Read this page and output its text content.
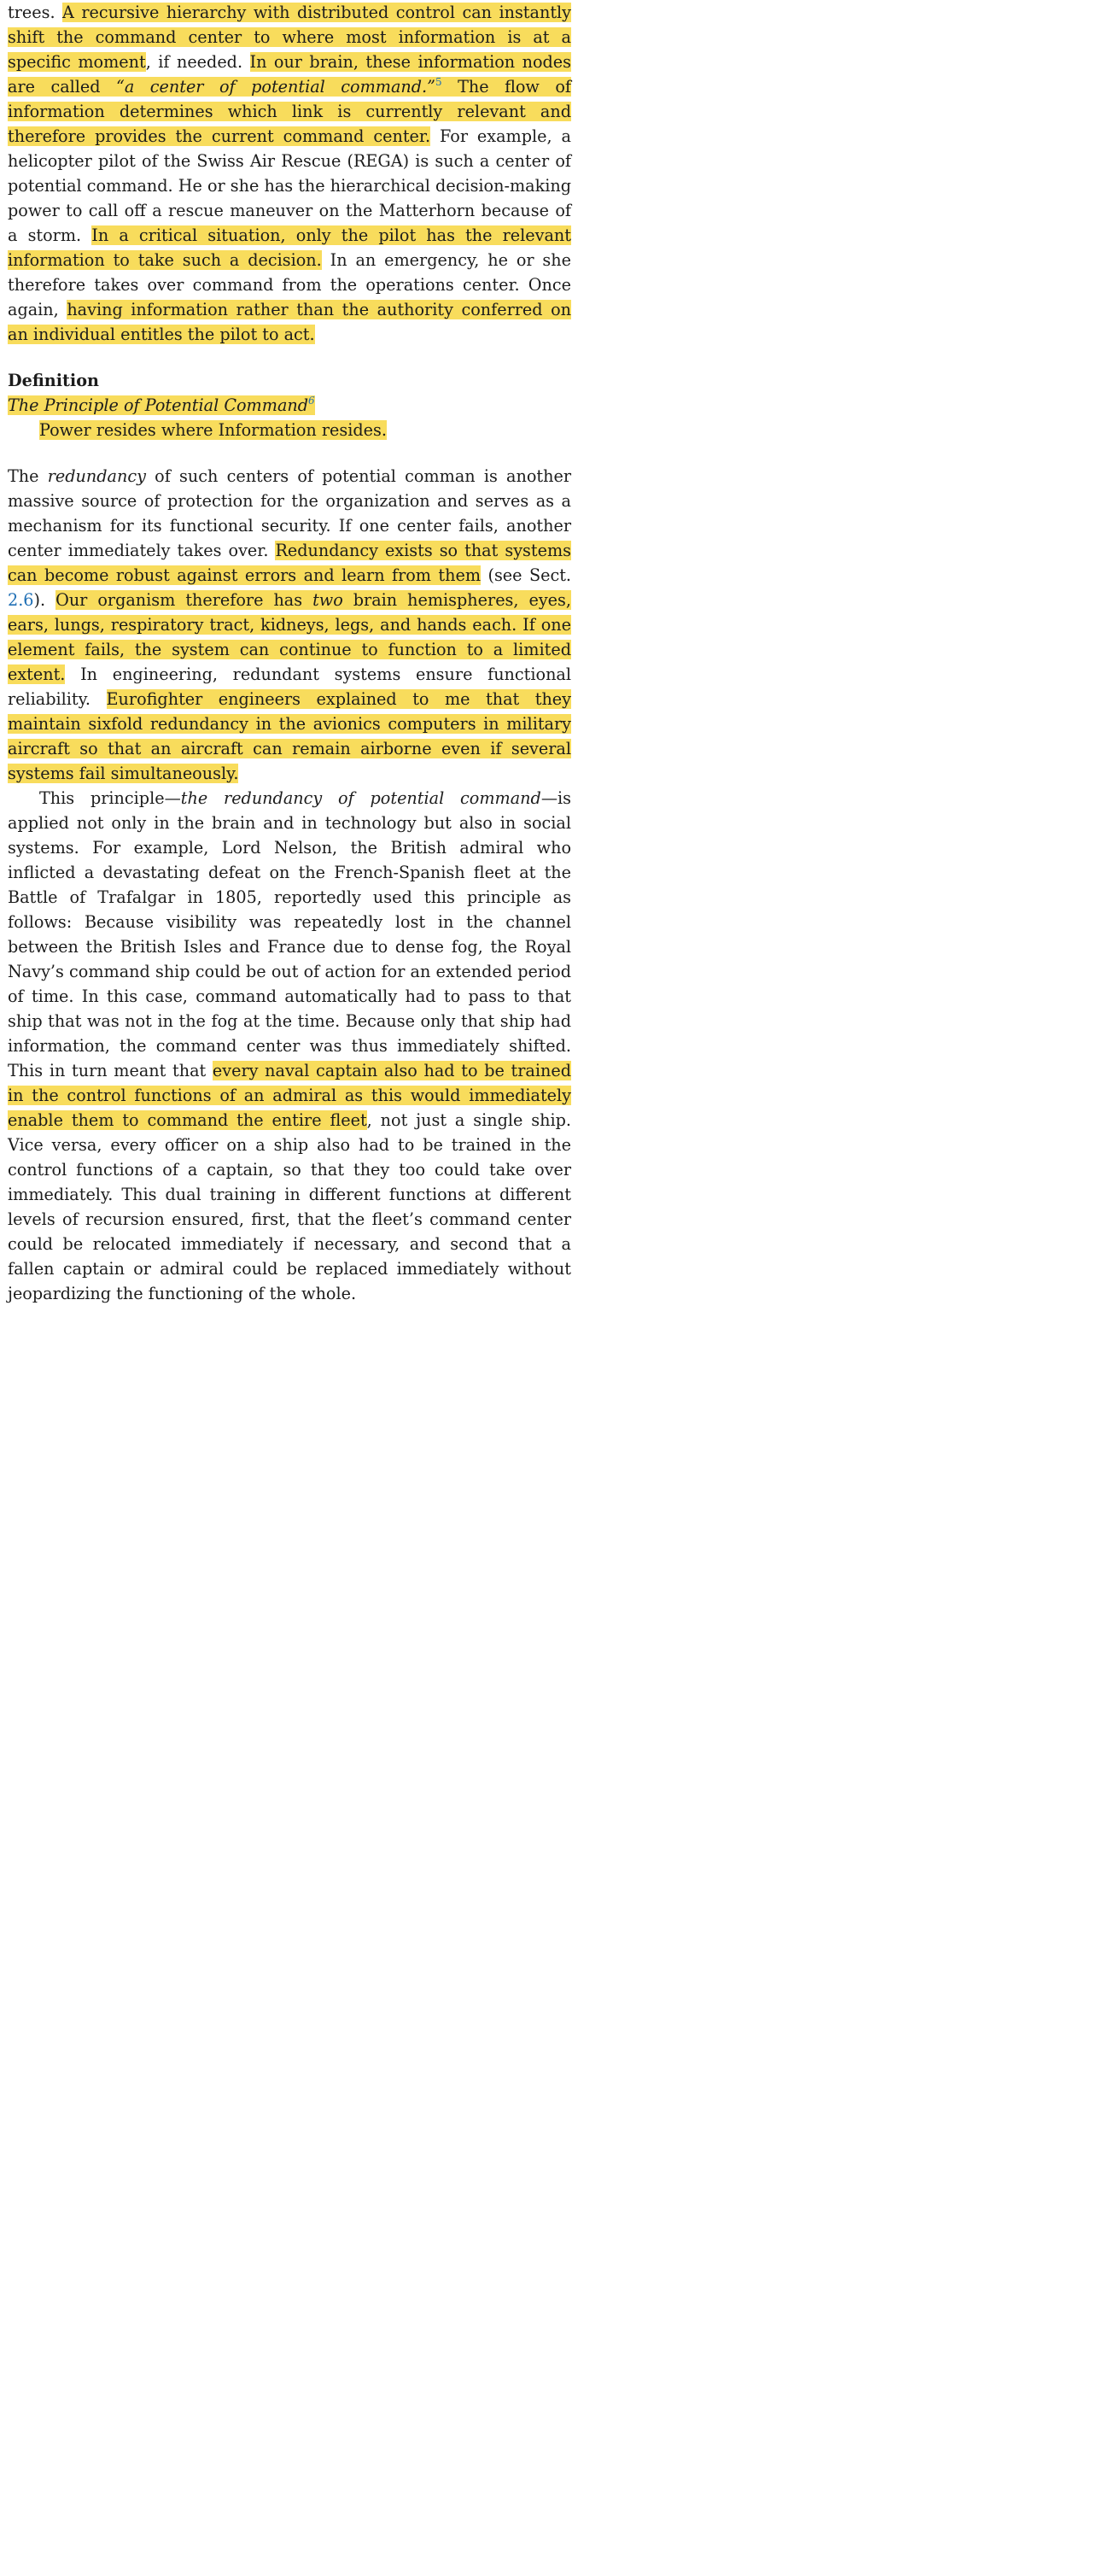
trees. A recursive hierarchy with distributed control can instantly shift the command center to where most information is at a specific moment, if needed. In our brain, these information nodes are called “a center of potential command.”$^5$ The flow of information determines which link is currently relevant and therefore provides the current command center. For example, a helicopter pilot of the Swiss Air Rescue (REGA) is such a center of potential command. He or she has the hierarchical decision-making power to call off a rescue maneuver on the Matterhorn because of a storm. In a critical situation, only the pilot has the relevant information to take such a decision. In an emergency, he or she therefore takes over command from the operations center. Once again, having information rather than the authority conferred on an individual entitles the pilot to act.

Definition

The Principle of Potential Command$^6$

Power resides where Information resides.

The redundancy of such centers of potential comman is another massive source of protection for the organization and serves as a mechanism for its functional security. If one center fails, another center immediately takes over. Redundancy exists so that systems can become robust against errors and learn from them (see Sect. 2.6). Our organism therefore has two brain hemispheres, eyes, ears, lungs, respiratory tract, kidneys, legs, and hands each. If one element fails, the system can continue to function to a limited extent. In engineering, redundant systems ensure functional reliability. Eurofighter engineers explained to me that they maintain sixfold redundancy in the avionics computers in military aircraft so that an aircraft can remain airborne even if several systems fail simultaneously.

This principle—the redundancy of potential command—is applied not only in the brain and in technology but also in social systems. For example, Lord Nelson, the British admiral who inflicted a devastating defeat on the French-Spanish fleet at the Battle of Trafalgar in 1805, reportedly used this principle as follows: Because visibility was repeatedly lost in the channel between the British Isles and France due to dense fog, the Royal Navy’s command ship could be out of action for an extended period of time. In this case, command automatically had to pass to that ship that was not in the fog at the time. Because only that ship had information, the command center was thus immediately shifted. This in turn meant that every naval captain also had to be trained in the control functions of an admiral as this would immediately enable them to command the entire fleet, not just a single ship. Vice versa, every officer on a ship also had to be trained in the control functions of a captain, so that they too could take over immediately. This dual training in different functions at different levels of recursion ensured, first, that the fleet’s command center could be relocated immediately if necessary, and second that a fallen captain or admiral could be replaced immediately without jeopardizing the functioning of the whole.
